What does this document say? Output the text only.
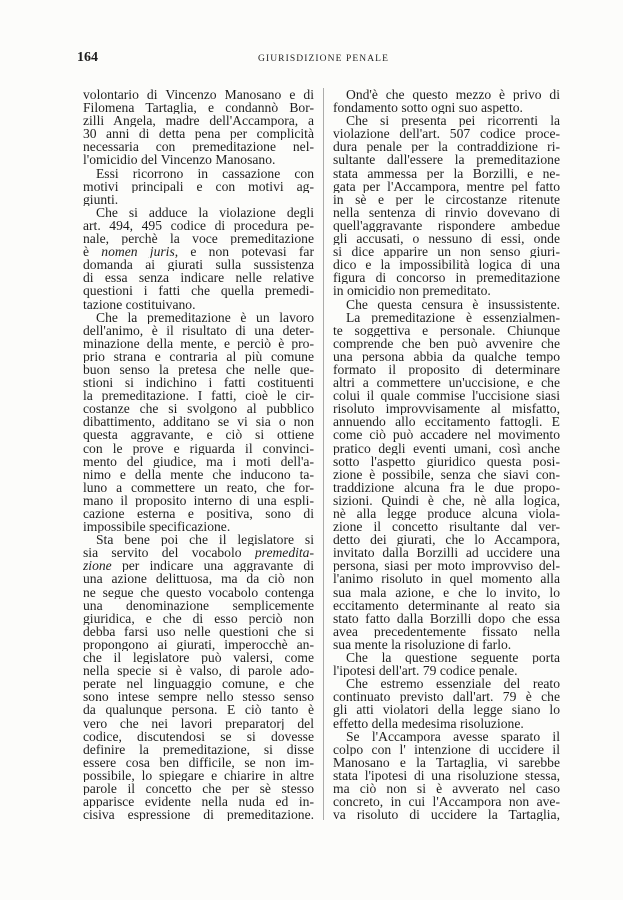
164	GIURISDIZIONE PENALE
volontario di Vincenzo Manosano e di
Filomena Tartaglia, e condannò Bor-
zilli Angela, madre dell'Accampora, a
30 anni di detta pena per complicità
necessaria con premeditazione nel-
l'omicidio del Vincenzo Manosano.
Essi ricorrono in cassazione con
motivi principali e con motivi ag-
giunti.
Che si adduce la violazione degli
art. 494, 495 codice di procedura pe-
nale, perchè la voce premeditazione
è nomen juris, e non potevasi far
domanda ai giurati sulla sussistenza
di essa senza indicare nelle relative
questioni i fatti che quella premedi-
tazione costituivano.
Che la premeditazione è un lavoro
dell'animo, è il risultato di una deter-
minazione della mente, e perciò è pro-
prio strana e contraria al più comune
buon senso la pretesa che nelle que-
stioni si indichino i fatti costituenti
la premeditazione. I fatti, cioè le cir-
costanze che si svolgono al pubblico
dibattimento, additano se vi sia o non
questa aggravante, e ciò si ottiene
con le prove e riguarda il convinci-
mento del giudice, ma i moti dell'a-
nimo e della mente che inducono ta-
luno a commettere un reato, che for-
mano il proposito interno di una espli-
cazione esterna e positiva, sono di
impossibile specificazione.
Sta bene poi che il legislatore si
sia servito del vocabolo premedita-
zione per indicare una aggravante di
una azione delittuosa, ma da ciò non
ne segue che questo vocabolo contenga
una denominazione semplicemente
giuridica, e che di esso perciò non
debba farsi uso nelle questioni che si
propongono ai giurati, imperocchè an-
che il legislatore può valersi, come
nella specie si è valso, di parole ado-
perate nel linguaggio comune, e che
sono intese sempre nello stesso senso
da qualunque persona. E ciò tanto è
vero che nei lavori preparatorj del
codice, discutendosi se si dovesse
definire la premeditazione, si disse
essere cosa ben difficile, se non im-
possibile, lo spiegare e chiarire in altre
parole il concetto che per sè stesso
apparisce evidente nella nuda ed in-
cisiva espressione di premeditazione.
Ond'è che questo mezzo è privo di
fondamento sotto ogni suo aspetto.
Che si presenta pei ricorrenti la
violazione dell'art. 507 codice proce-
dura penale per la contraddizione ri-
sultante dall'essere la premeditazione
stata ammessa per la Borzilli, e ne-
gata per l'Accampora, mentre pel fatto
in sè e per le circostanze ritenute
nella sentenza di rinvio dovevano di
quell'aggravante rispondere ambedue
gli accusati, o nessuno di essi, onde
si dice apparire un non senso giuri-
dico e la impossibilità logica di una
figura di concorso in premeditazione
in omicidio non premeditato.
Che questa censura è insussistente.
La premeditazione è essenzialmen-
te soggettiva e personale. Chiunque
comprende che ben può avvenire che
una persona abbia da qualche tempo
formato il proposito di determinare
altri a commettere un'uccisione, e che
colui il quale commise l'uccisione siasi
risoluto improvvisamente al misfatto,
annuendo allo eccitamento fattogli. E
come ciò può accadere nel movimento
pratico degli eventi umani, così anche
sotto l'aspetto giuridico questa posi-
zione è possibile, senza che siavi con-
traddizione alcuna fra le due propo-
sizioni. Quindi è che, nè alla logica,
nè alla legge produce alcuna viola-
zione il concetto risultante dal ver-
detto dei giurati, che lo Accampora,
invitato dalla Borzilli ad uccidere una
persona, siasi per moto improvviso del-
l'animo risoluto in quel momento alla
sua mala azione, e che lo invito, lo
eccitamento determinante al reato sia
stato fatto dalla Borzilli dopo che essa
avea precedentemente fissato nella
sua mente la risoluzione di farlo.
Che la questione seguente porta
l'ipotesi dell'art. 79 codice penale.
Che estremo essenziale del reato
continuato previsto dall'art. 79 è che
gli atti violatori della legge siano lo
effetto della medesima risoluzione.
Se l'Accampora avesse sparato il
colpo con l' intenzione di uccidere il
Manosano e la Tartaglia, vi sarebbe
stata l'ipotesi di una risoluzione stessa,
ma ciò non si è avverato nel caso
concreto, in cui l'Accampora non ave-
va risoluto di uccidere la Tartaglia,
